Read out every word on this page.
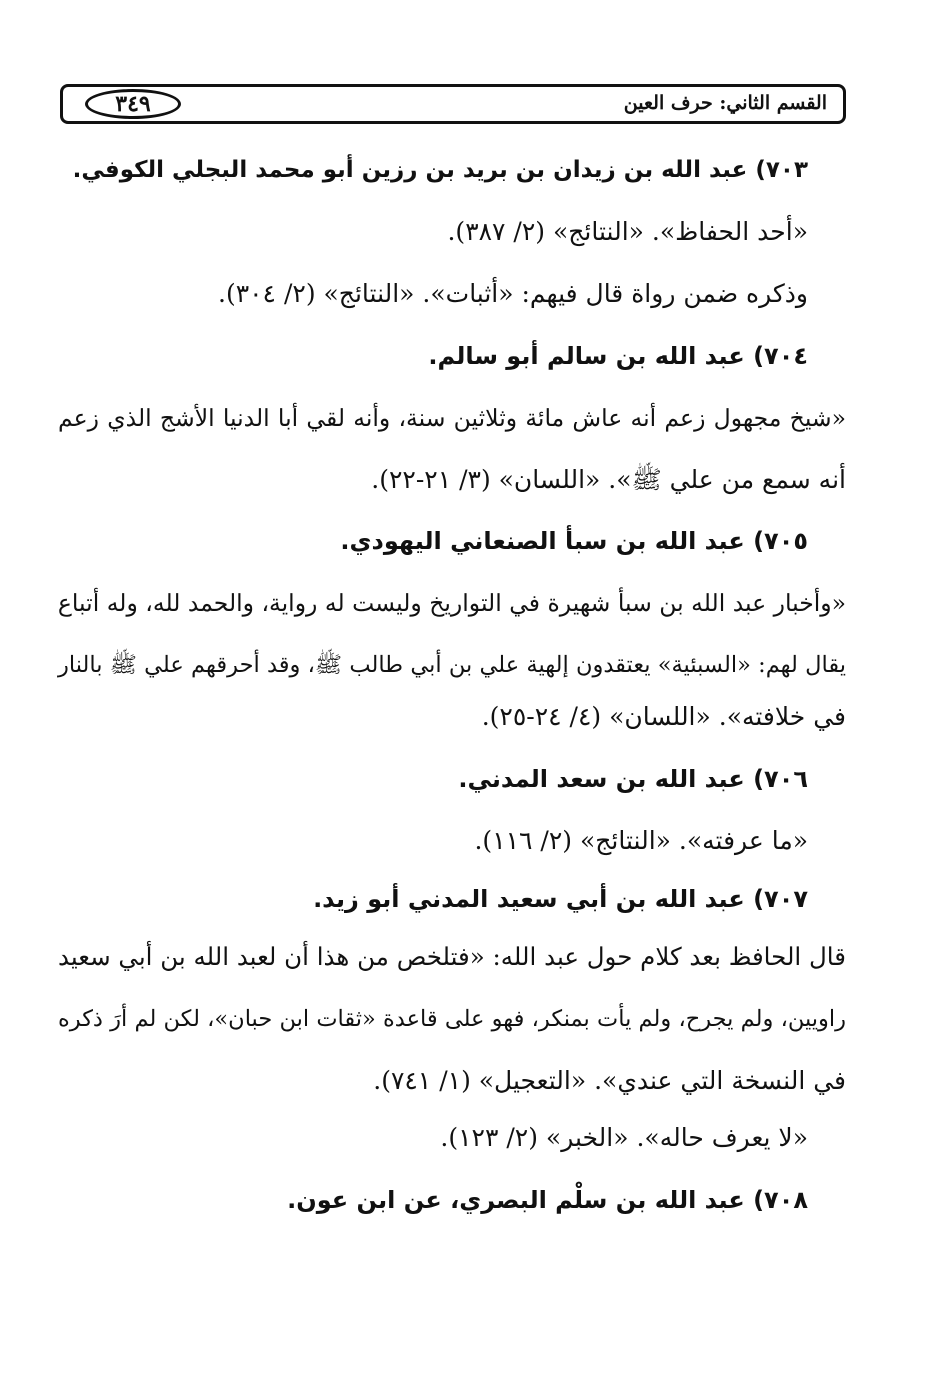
القسم الثاني: حرف العين
٣٤٩
٧٠٣) عبد الله بن زيدان بن بريد بن رزين أبو محمد البجلي الكوفي.
«أحد الحفاظ». «النتائج» (٢/ ٣٨٧).
وذكره ضمن رواة قال فيهم: «أثبات». «النتائج» (٢/ ٣٠٤).
٧٠٤) عبد الله بن سالم أبو سالم.
«شيخ مجهول زعم أنه عاش مائة وثلاثين سنة، وأنه لقي أبا الدنيا الأشج الذي زعم
أنه سمع من علي ﷺ». «اللسان» (٣/ ٢١-٢٢).
٧٠٥) عبد الله بن سبأ الصنعاني اليهودي.
«وأخبار عبد الله بن سبأ شهيرة في التواريخ وليست له رواية، والحمد لله، وله أتباع
يقال لهم: «السبئية» يعتقدون إلهية علي بن أبي طالب ﷺ، وقد أحرقهم علي ﷺ بالنار
في خلافته». «اللسان» (٤/ ٢٤-٢٥).
٧٠٦) عبد الله بن سعد المدني.
«ما عرفته». «النتائج» (٢/ ١١٦).
٧٠٧) عبد الله بن أبي سعيد المدني أبو زيد.
قال الحافظ بعد كلام حول عبد الله: «فتلخص من هذا أن لعبد الله بن أبي سعيد
راويين، ولم يجرح، ولم يأت بمنكر، فهو على قاعدة «ثقات ابن حبان»، لكن لم أرَ ذكره
في النسخة التي عندي». «التعجيل» (١/ ٧٤١).
«لا يعرف حاله». «الخبر» (٢/ ١٢٣).
٧٠٨) عبد الله بن سلْم البصري، عن ابن عون.
